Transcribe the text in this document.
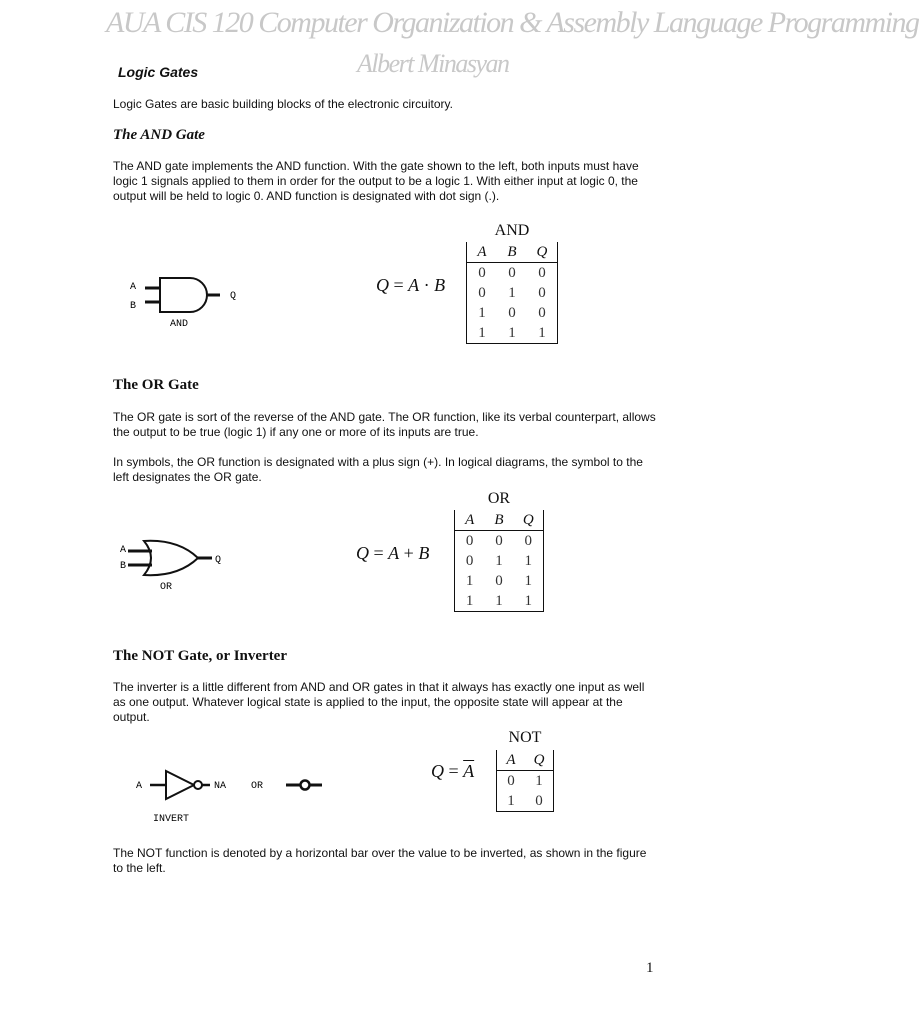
AUA CIS 120 Computer Organization & Assembly Language Programming
Albert Minasyan
Logic Gates
Logic Gates are basic building blocks of the electronic circuitory.
The AND Gate
The AND gate implements the AND function. With the gate shown to the left, both inputs must have logic 1 signals applied to them in order for the output to be a logic 1. With either input at logic 0, the output will be held to logic 0. AND function is designated with dot sign (.).
A
B
Q
AND
Q = A · B
AND
A	B	Q
0	0	0
0	1	0
1	0	0
1	1	1
The OR Gate
The OR gate is sort of the reverse of the AND gate. The OR function, like its verbal counterpart, allows the output to be true (logic 1) if any one or more of its inputs are true.
In symbols, the OR function is designated with a plus sign (+). In logical diagrams, the symbol to the left designates the OR gate.
A
B
Q
OR
Q = A + B
OR
A	B	Q
0	0	0
0	1	1
1	0	1
1	1	1
The NOT Gate, or Inverter
The inverter is a little different from AND and OR gates in that it always has exactly one input as well as one output. Whatever logical state is applied to the input, the opposite state will appear at the output.
A	NA OR
INVERT
$Q = \overline{A}$
NOT
A	Q
0	1
1	0
The NOT function is denoted by a horizontal bar over the value to be inverted, as shown in the figure to the left.
1
